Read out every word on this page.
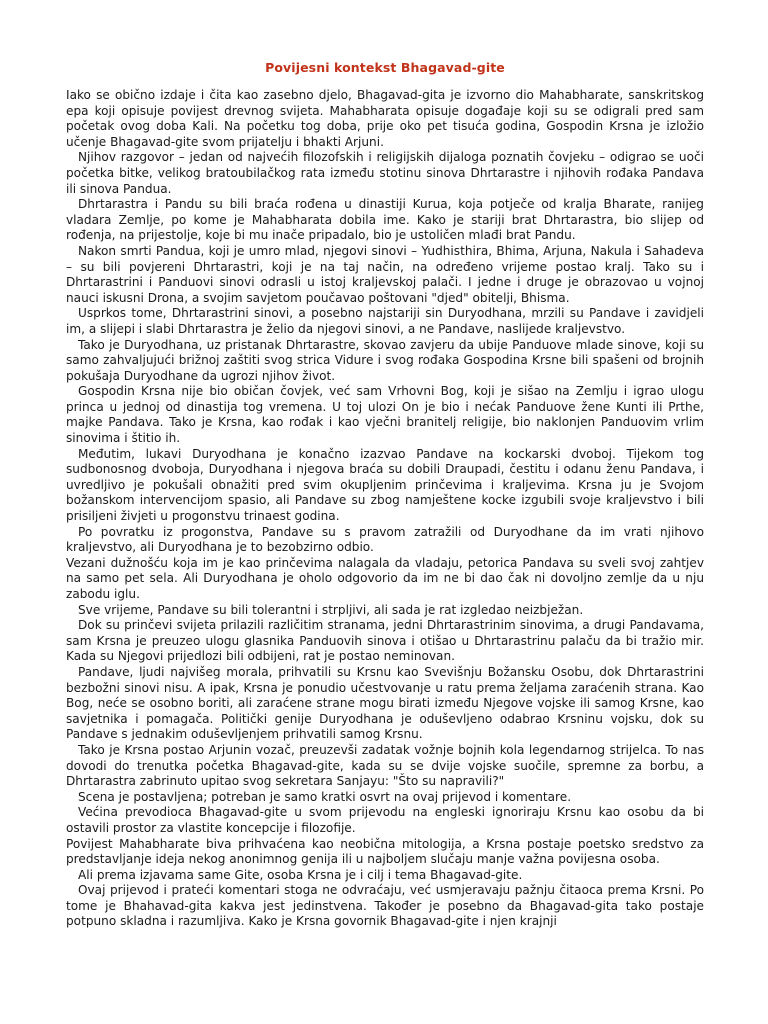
Povijesni kontekst Bhagavad-gite

Iako se obično izdaje i čita kao zasebno djelo, Bhagavad-gita je izvorno dio Mahabharate, sanskritskog epa koji opisuje povijest drevnog svijeta. Mahabharata opisuje događaje koji su se odigrali pred sam početak ovog doba Kali. Na početku tog doba, prije oko pet tisuća godina, Gospodin Krsna je izložio učenje Bhagavad-gite svom prijatelju i bhakti Arjuni.

Njihov razgovor – jedan od najvećih filozofskih i religijskih dijaloga poznatih čovjeku – odigrao se uoči početka bitke, velikog bratoubilačkog rata između stotinu sinova Dhrtarastre i njihovih rođaka Pandava ili sinova Pandua.

Dhrtarastra i Pandu su bili braća rođena u dinastiji Kurua, koja potječe od kralja Bharate, ranijeg vladara Zemlje, po kome je Mahabharata dobila ime. Kako je stariji brat Dhrtarastra, bio slijep od rođenja, na prijestolje, koje bi mu inače pripadalo, bio je ustoličen mlađi brat Pandu.

Nakon smrti Pandua, koji je umro mlad, njegovi sinovi – Yudhisthira, Bhima, Arjuna, Nakula i Sahadeva – su bili povjereni Dhrtarastri, koji je na taj način, na određeno vrijeme postao kralj. Tako su i Dhrtarastrini i Panduovi sinovi odrasli u istoj kraljevskoj palači. I jedne i druge je obrazovao u vojnoj nauci iskusni Drona, a svojim savjetom poučavao poštovani "djed" obitelji, Bhisma.

Usprkos tome, Dhrtarastrini sinovi, a posebno najstariji sin Duryodhana, mrzili su Pandave i zavidjeli im, a slijepi i slabi Dhrtarastra je želio da njegovi sinovi, a ne Pandave, naslijede kraljevstvo.

Tako je Duryodhana, uz pristanak Dhrtarastre, skovao zavjeru da ubije Panduove mlade sinove, koji su samo zahvaljujući brižnoj zaštiti svog strica Vidure i svog rođaka Gospodina Krsne bili spašeni od brojnih pokušaja Duryodhane da ugrozi njihov život.

Gospodin Krsna nije bio običan čovjek, već sam Vrhovni Bog, koji je sišao na Zemlju i igrao ulogu princa u jednoj od dinastija tog vremena. U toj ulozi On je bio i nećak Panduove žene Kunti ili Prthe, majke Pandava. Tako je Krsna, kao rođak i kao vječni branitelj religije, bio naklonjen Panduovim vrlim sinovima i štitio ih.

Međutim, lukavi Duryodhana je konačno izazvao Pandave na kockarski dvoboj. Tijekom tog sudbonosnog dvoboja, Duryodhana i njegova braća su dobili Draupadi, čestitu i odanu ženu Pandava, i uvredljivo je pokušali obnažiti pred svim okupljenim prinčevima i kraljevima. Krsna ju je Svojom božanskom intervencijom spasio, ali Pandave su zbog namještene kocke izgubili svoje kraljevstvo i bili prisiljeni živjeti u progonstvu trinaest godina.

Po povratku iz progonstva, Pandave su s pravom zatražili od Duryodhane da im vrati njihovo kraljevstvo, ali Duryodhana je to bezobzirno odbio.

Vezani dužnošću koja im je kao prinčevima nalagala da vladaju, petorica Pandava su sveli svoj zahtjev na samo pet sela. Ali Duryodhana je oholo odgovorio da im ne bi dao čak ni dovoljno zemlje da u nju zabodu iglu.

Sve vrijeme, Pandave su bili tolerantni i strpljivi, ali sada je rat izgledao neizbježan.

Dok su prinčevi svijeta prilazili različitim stranama, jedni Dhrtarastrinim sinovima, a drugi Pandavama, sam Krsna je preuzeo ulogu glasnika Panduovih sinova i otišao u Dhrtarastrinu palaču da bi tražio mir. Kada su Njegovi prijedlozi bili odbijeni, rat je postao neminovan.

Pandave, ljudi najvišeg morala, prihvatili su Krsnu kao Svevišnju Božansku Osobu, dok Dhrtarastrini bezbožni sinovi nisu. A ipak, Krsna je ponudio učestvovanje u ratu prema željama zaraćenih strana. Kao Bog, neće se osobno boriti, ali zaraćene strane mogu birati između Njegove vojske ili samog Krsne, kao savjetnika i pomagača. Politički genije Duryodhana je oduševljeno odabrao Krsninu vojsku, dok su Pandave s jednakim oduševljenjem prihvatili samog Krsnu.

Tako je Krsna postao Arjunin vozač, preuzevši zadatak vožnje bojnih kola legendarnog strijelca. To nas dovodi do trenutka početka Bhagavad-gite, kada su se dvije vojske suočile, spremne za borbu, a Dhrtarastra zabrinuto upitao svog sekretara Sanjayu: "Što su napravili?"

Scena je postavljena; potreban je samo kratki osvrt na ovaj prijevod i komentare.

Većina prevodioca Bhagavad-gite u svom prijevodu na engleski ignoriraju Krsnu kao osobu da bi ostavili prostor za vlastite koncepcije i filozofije.

Povijest Mahabharate biva prihvaćena kao neobična mitologija, a Krsna postaje poetsko sredstvo za predstavljanje ideja nekog anonimnog genija ili u najboljem slučaju manje važna povijesna osoba.

Ali prema izjavama same Gite, osoba Krsna je i cilj i tema Bhagavad-gite.

Ovaj prijevod i prateći komentari stoga ne odvraćaju, već usmjeravaju pažnju čitaoca prema Krsni. Po tome je Bhahavad-gita kakva jest jedinstvena. Također je posebno da Bhagavad-gita tako postaje potpuno skladna i razumljiva. Kako je Krsna govornik Bhagavad-gite i njen krajnji
